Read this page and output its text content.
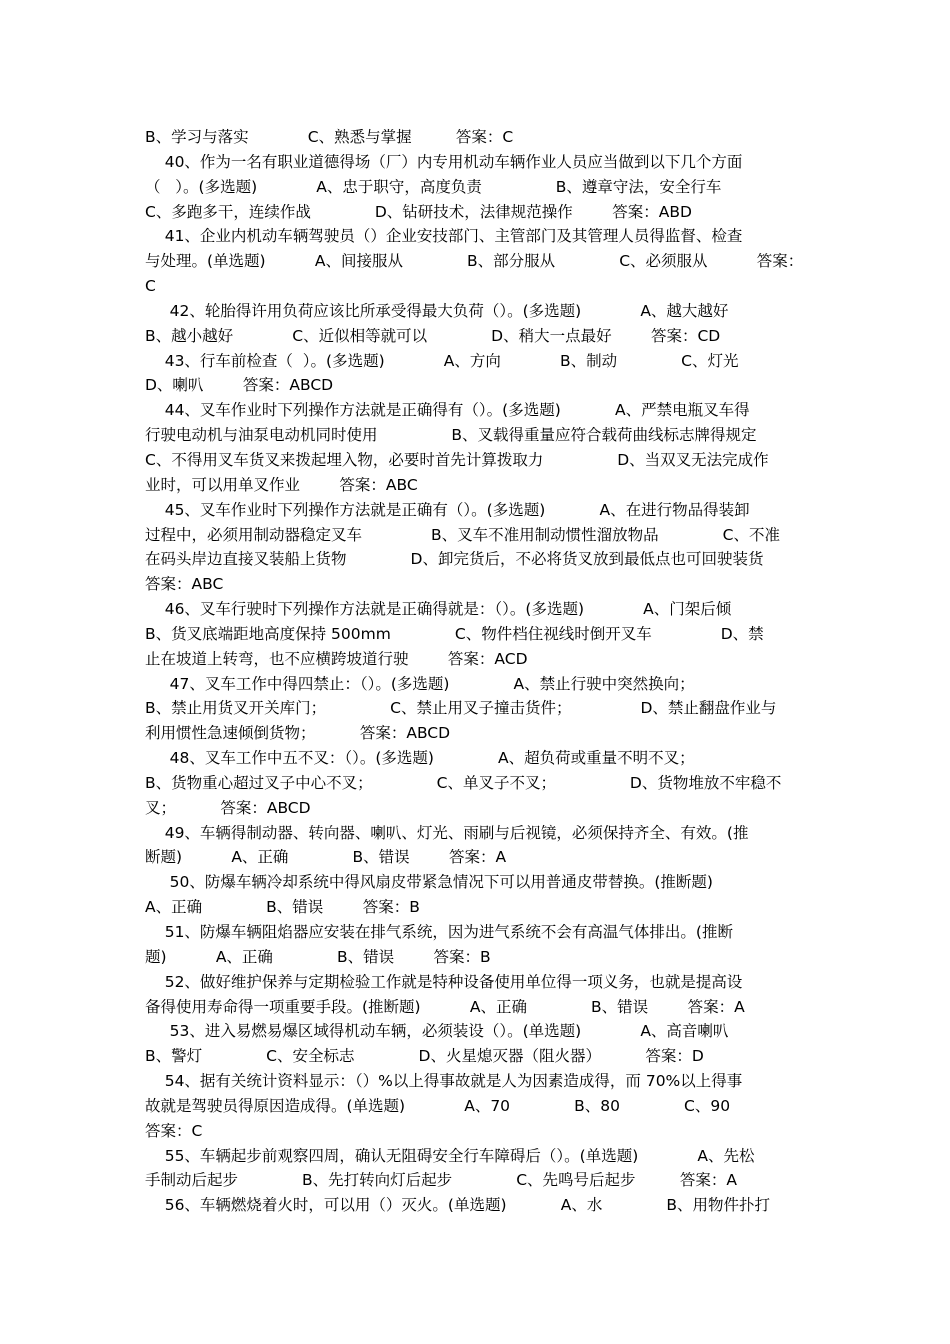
B、学习与落实            C、熟悉与掌握         答案：C
40、作为一名有职业道德得场（厂）内专用机动车辆作业人员应当做到以下几个方面
（   ）。(多选题)            A、忠于职守，高度负责               B、遵章守法，安全行车
C、多跑多干，连续作战             D、钻研技术，法律规范操作        答案：ABD
41、企业内机动车辆驾驶员（）企业安技部门、主管部门及其管理人员得监督、检查
与处理。(单选题)          A、间接服从             B、部分服从             C、必须服从          答案：
C
42、轮胎得许用负荷应该比所承受得最大负荷（）。(多选题)            A、越大越好
B、越小越好            C、近似相等就可以             D、稍大一点最好        答案：CD
43、行车前检查（  ）。(多选题)            A、方向            B、制动             C、灯光
D、喇叭        答案：ABCD
44、叉车作业时下列操作方法就是正确得有（）。(多选题)           A、严禁电瓶叉车得
行驶电动机与油泵电动机同时使用               B、叉载得重量应符合载荷曲线标志牌得规定
C、不得用叉车货叉来拨起埋入物，必要时首先计算拨取力               D、当双叉无法完成作
业时，可以用单叉作业        答案：ABC
45、叉车作业时下列操作方法就是正确有（）。(多选题)           A、在进行物品得装卸
过程中，必须用制动器稳定叉车              B、叉车不准用制动惯性溜放物品             C、不准
在码头岸边直接叉装船上货物             D、卸完货后，不必将货叉放到最低点也可回驶装货
答案：ABC
46、叉车行驶时下列操作方法就是正确得就是：（）。(多选题)            A、门架后倾
B、货叉底端距地高度保持 500mm             C、物件档住视线时倒开叉车              D、禁
止在坡道上转弯，也不应横跨坡道行驶        答案：ACD
47、叉车工作中得四禁止：（）。(多选题)             A、禁止行驶中突然换向；
B、禁止用货叉开关库门；             C、禁止用叉子撞击货件；              D、禁止翻盘作业与
利用惯性急速倾倒货物；         答案：ABCD
48、叉车工作中五不叉：（）。(多选题)             A、超负荷或重量不明不叉；
B、货物重心超过叉子中心不叉；             C、单叉子不叉；               D、货物堆放不牢稳不
叉；         答案：ABCD
49、车辆得制动器、转向器、喇叭、灯光、雨刷与后视镜，必须保持齐全、有效。(推
断题)          A、正确             B、错误        答案：A
50、防爆车辆冷却系统中得风扇皮带紧急情况下可以用普通皮带替换。(推断题)
A、正确             B、错误        答案：B
51、防爆车辆阻焰器应安装在排气系统，因为进气系统不会有高温气体排出。(推断
题)          A、正确             B、错误        答案：B
52、做好维护保养与定期检验工作就是特种设备使用单位得一项义务，也就是提高设
备得使用寿命得一项重要手段。(推断题)          A、正确             B、错误        答案：A
53、进入易燃易爆区域得机动车辆，必须装设（）。(单选题)            A、高音喇叭
B、警灯             C、安全标志             D、火星熄灭器（阻火器）         答案：D
54、据有关统计资料显示：（）%以上得事故就是人为因素造成得，而 70%以上得事
故就是驾驶员得原因造成得。(单选题)            A、70             B、80             C、90
答案：C
55、车辆起步前观察四周，确认无阻碍安全行车障碍后（）。(单选题)            A、先松
手制动后起步             B、先打转向灯后起步             C、先鸣号后起步         答案：A
56、车辆燃烧着火时，可以用（）灭火。(单选题)           A、水             B、用物件扑打
